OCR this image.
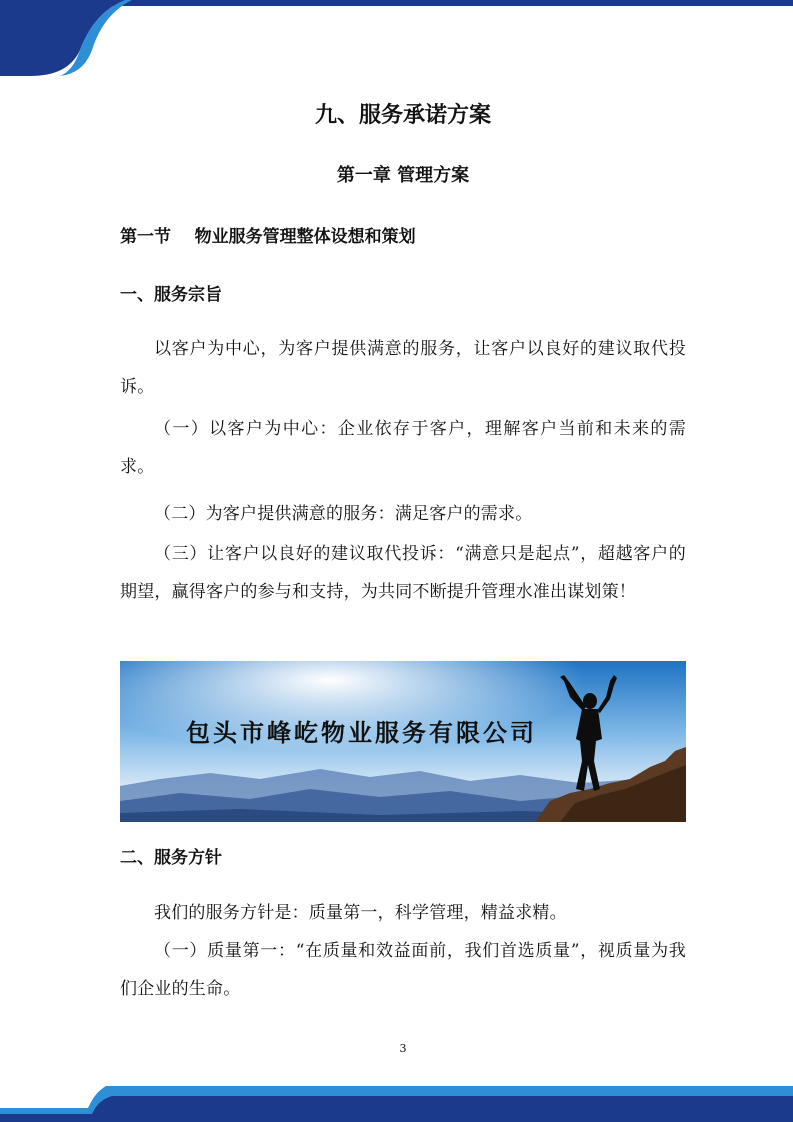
九、服务承诺方案
第一章 管理方案
第一节    物业服务管理整体设想和策划
一、服务宗旨
以客户为中心，为客户提供满意的服务，让客户以良好的建议取代投诉。
（一）以客户为中心：企业依存于客户，理解客户当前和未来的需求。
（二）为客户提供满意的服务：满足客户的需求。
（三）让客户以良好的建议取代投诉：“满意只是起点”，超越客户的期望，赢得客户的参与和支持，为共同不断提升管理水准出谋划策！
包头市峰屹物业服务有限公司
二、服务方针
我们的服务方针是：质量第一，科学管理，精益求精。
（一）质量第一：“在质量和效益面前，我们首选质量”，视质量为我们企业的生命。
3
